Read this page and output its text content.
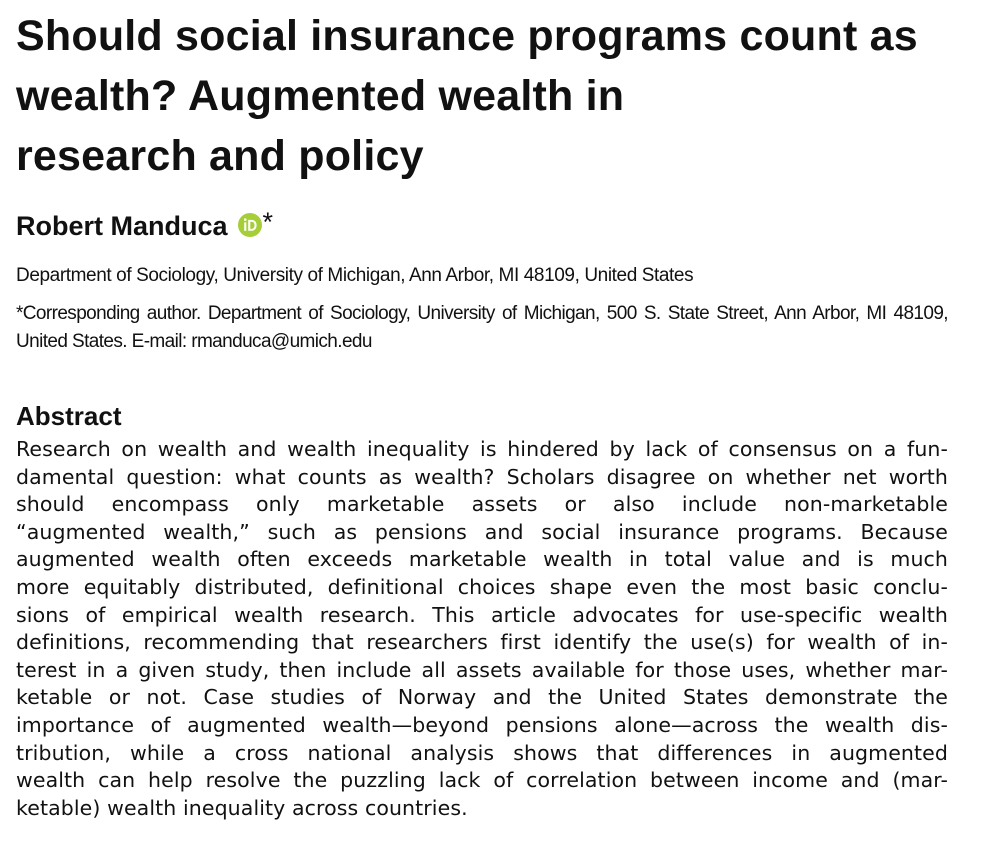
Should social insurance programs count as
wealth? Augmented wealth in
research and policy
Robert Manduca *
Department of Sociology, University of Michigan, Ann Arbor, MI 48109, United States
*Corresponding author. Department of Sociology, University of Michigan, 500 S. State Street, Ann Arbor, MI 48109, United States. E-mail: rmanduca@umich.edu
Abstract
Research on wealth and wealth inequality is hindered by lack of consensus on a fun-
damental question: what counts as wealth? Scholars disagree on whether net worth
should encompass only marketable assets or also include non-marketable
“augmented wealth,” such as pensions and social insurance programs. Because
augmented wealth often exceeds marketable wealth in total value and is much
more equitably distributed, definitional choices shape even the most basic conclu-
sions of empirical wealth research. This article advocates for use-specific wealth
definitions, recommending that researchers first identify the use(s) for wealth of in-
terest in a given study, then include all assets available for those uses, whether mar-
ketable or not. Case studies of Norway and the United States demonstrate the
importance of augmented wealth—beyond pensions alone—across the wealth dis-
tribution, while a cross national analysis shows that differences in augmented
wealth can help resolve the puzzling lack of correlation between income and (mar-
ketable) wealth inequality across countries.
